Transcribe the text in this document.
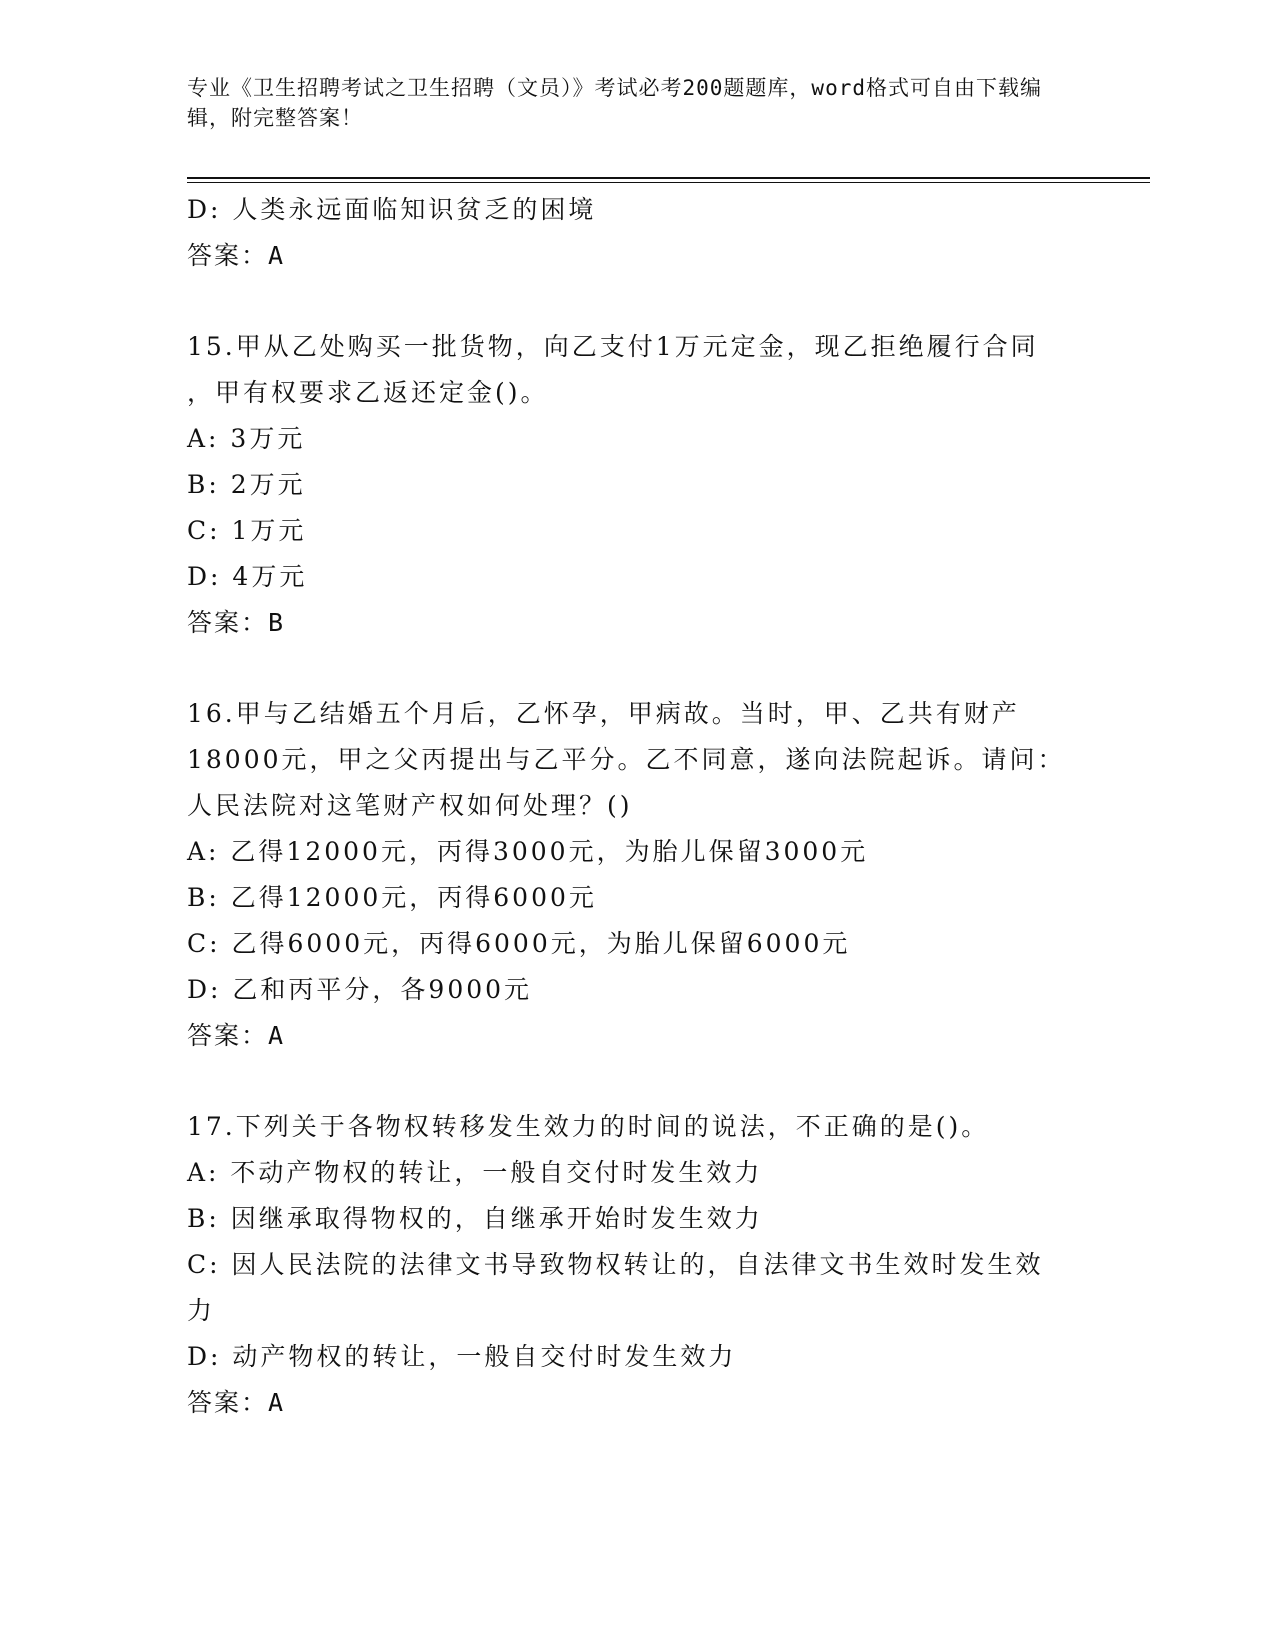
专业《卫生招聘考试之卫生招聘（文员）》考试必考200题题库，word格式可自由下载编辑，附完整答案！
D: 人类永远面临知识贫乏的困境
答案：A
15.甲从乙处购买一批货物，向乙支付1万元定金，现乙拒绝履行合同
，甲有权要求乙返还定金()。
A: 3万元
B: 2万元
C: 1万元
D: 4万元
答案：B
16.甲与乙结婚五个月后，乙怀孕，甲病故。当时，甲、乙共有财产
18000元，甲之父丙提出与乙平分。乙不同意，遂向法院起诉。请问：
人民法院对这笔财产权如何处理？()
A: 乙得12000元，丙得3000元，为胎儿保留3000元
B: 乙得12000元，丙得6000元
C: 乙得6000元，丙得6000元，为胎儿保留6000元
D: 乙和丙平分，各9000元
答案：A
17.下列关于各物权转移发生效力的时间的说法，不正确的是()。
A: 不动产物权的转让，一般自交付时发生效力
B: 因继承取得物权的，自继承开始时发生效力
C: 因人民法院的法律文书导致物权转让的，自法律文书生效时发生效
力
D: 动产物权的转让，一般自交付时发生效力
答案：A
